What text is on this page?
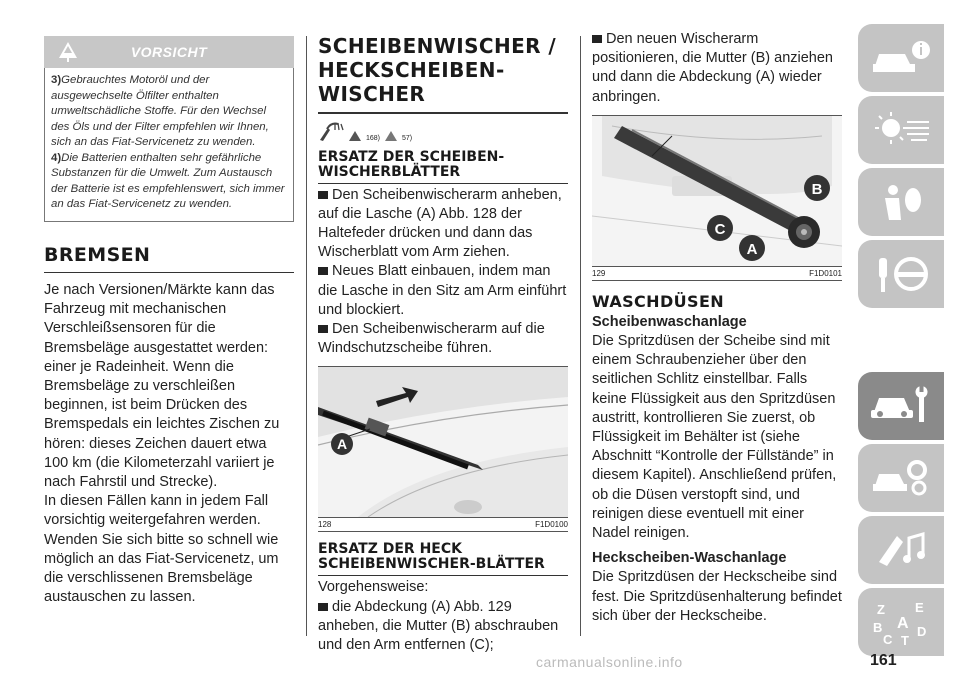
VORSICHT

3)Gebrauchtes Motoröl und der ausgewechselte Ölfilter enthalten umweltschädliche Stoffe. Für den Wechsel des Öls und der Filter empfehlen wir Ihnen, sich an das Fiat-Servicenetz zu wenden.

4)Die Batterien enthalten sehr gefährliche Substanzen für die Umwelt. Zum Austausch der Batterie ist es empfehlenswert, sich immer an das Fiat-Servicenetz zu wenden.

BREMSEN

Je nach Versionen/Märkte kann das Fahrzeug mit mechanischen Verschleißsensoren für die Bremsbeläge ausgestattet werden: einer je Radeinheit. Wenn die Bremsbeläge zu verschleißen beginnen, ist beim Drücken des Bremspedals ein leichtes Zischen zu hören: dieses Zeichen dauert etwa 100 km (die Kilometerzahl variiert je nach Fahrstil und Strecke).

In diesen Fällen kann in jedem Fall vorsichtig weitergefahren werden. Wenden Sie sich bitte so schnell wie möglich an das Fiat-Servicenetz, um die verschlissenen Bremsbeläge austauschen zu lassen.

SCHEIBENWISCHER / HECKSCHEIBEN-WISCHER
168)	57)
ERSATZ DER SCHEIBEN-WISCHERBLÄTTER

Den Scheibenwischerarm anheben, auf die Lasche (A) Abb. 128 der Haltefeder drücken und dann das Wischerblatt vom Arm ziehen.

Neues Blatt einbauen, indem man die Lasche in den Sitz am Arm einführt und blockiert.

Den Scheibenwischerarm auf die Windschutzscheibe führen.

A
128	F1D0100
ERSATZ DER HECK SCHEIBENWISCHER-BLÄTTER

Vorgehensweise:

die Abdeckung (A) Abb. 129 anheben, die Mutter (B) abschrauben und den Arm entfernen (C);

Den neuen Wischerarm positionieren, die Mutter (B) anziehen und dann die Abdeckung (A) wieder anbringen.

B
C
A
129	F1D0101
WASCHDÜSEN
Scheibenwaschanlage

Die Spritzdüsen der Scheibe sind mit einem Schraubenzieher über den seitlichen Schlitz einstellbar. Falls keine Flüssigkeit aus den Spritzdüsen austritt, kontrollieren Sie zuerst, ob Flüssigkeit im Behälter ist (siehe Abschnitt “Kontrolle der Füllstände” in diesem Kapitel). Anschließend prüfen, ob die Düsen verstopft sind, und reinigen diese eventuell mit einer Nadel reinigen.

Heckscheiben-Waschanlage

Die Spritzdüsen der Heckscheibe sind fest. Die Spritzdüsenhalterung befindet sich über der Heckscheibe.	Z E
A
B
C
D
T
161
carmanualsonline.info
